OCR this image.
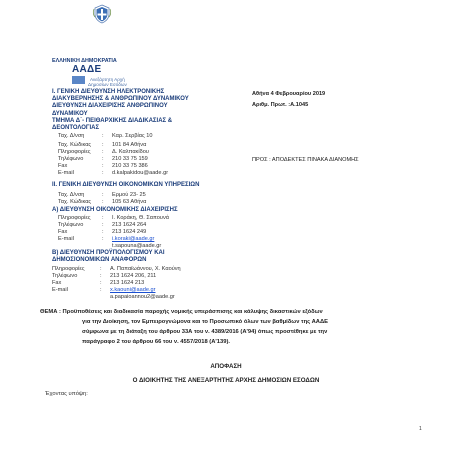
ΕΛΛΗΝΙΚΗ ΔΗΜΟΚΡΑΤΙΑ
ΑΑΔΕ
Ανεξάρτητη Αρχή
Δημοσίων Εσόδων
Ι. ΓΕΝΙΚΗ ΔΙΕΥΘΥΝΣΗ ΗΛΕΚΤΡΟΝΙΚΗΣ
ΔΙΑΚΥΒΕΡΝΗΣΗΣ & ΑΝΘΡΩΠΙΝΟΥ ΔΥΝΑΜΙΚΟΥ
ΔΙΕΥΘΥΝΣΗ ΔΙΑΧΕΙΡΙΣΗΣ ΑΝΘΡΩΠΙΝΟΥ
ΔΥΝΑΜΙΚΟΥ
ΤΜΗΜΑ Δ΄- ΠΕΙΘΑΡΧΙΚΗΣ ΔΙΑΔΙΚΑΣΙΑΣ &
ΔΕΟΝΤΟΛΟΓΙΑΣ
Ταχ. Δ/νση	: Καρ. Σερβίας 10
Ταχ. Κώδικας : 101 84 Αθήνα
Πληροφορίες : Δ. Καλπακίδου
Τηλέφωνο	: 210 33 75 159
Fax	: 210 33 75 386
E-mail	: d.kalpakidou@aade.gr
ΙΙ. ΓΕΝΙΚΗ ΔΙΕΥΘΥΝΣΗ ΟΙΚΟΝΟΜΙΚΩΝ ΥΠΗΡΕΣΙΩΝ
Ταχ. Δ/νση	: Ερμού 23- 25
Ταχ. Κώδικας : 105 63 Αθήνα
Α) ΔΙΕΥΘΥΝΣΗ ΟΙΚΟΝΟΜΙΚΗΣ ΔΙΑΧΕΙΡΙΣΗΣ
Πληροφορίες : Ι. Κοράκη, Θ. Σαπουνά
Τηλέφωνο	: 213 1624 264
Fax	: 213 1624 249
E-mail	: i.koraki@aade.gr
t.sapouna@aade.gr
Β) ΔΙΕΥΘΥΝΣΗ ΠΡΟΫΠΟΛΟΓΙΣΜΟΥ ΚΑΙ
ΔΗΜΟΣΙΟΝΟΜΙΚΩΝ ΑΝΑΦΟΡΩΝ
Πληροφορίες	: Α. Παπαϊωάννου, Χ. Καούνη
Τηλέφωνο	: 213 1624 206, 211
Fax	: 213 1624 213
E-mail	: x.kaouni@aade.gr
a.papaioannou2@aade.gr
Αθήνα 4 Φεβρουαρίου 2019
Αριθμ. Πρωτ. :Α.1045
ΠΡΟΣ : ΑΠΟΔΕΚΤΕΣ ΠΙΝΑΚΑ ΔΙΑΝΟΜΗΣ
ΘΕΜΑ : Προϋποθέσεις και διαδικασία παροχής νομικής υπεράσπισης και κάλυψης δικαστικών εξόδων
για την Διοίκηση, τον Εμπειρογνώμονα και το Προσωπικό όλων των βαθμίδων της ΑΑΔΕ
σύμφωνα με τη διάταξη του άρθρου 33Α του ν. 4389/2016 (Α'94) όπως προστέθηκε με την
παράγραφο 2 του άρθρου 66 του ν. 4557/2018 (Α'139).
ΑΠΟΦΑΣΗ
Ο ΔΙΟΙΚΗΤΗΣ ΤΗΣ ΑΝΕΞΑΡΤΗΤΗΣ ΑΡΧΗΣ ΔΗΜΟΣΙΩΝ ΕΣΟΔΩΝ
Έχοντας υπόψη:
1
